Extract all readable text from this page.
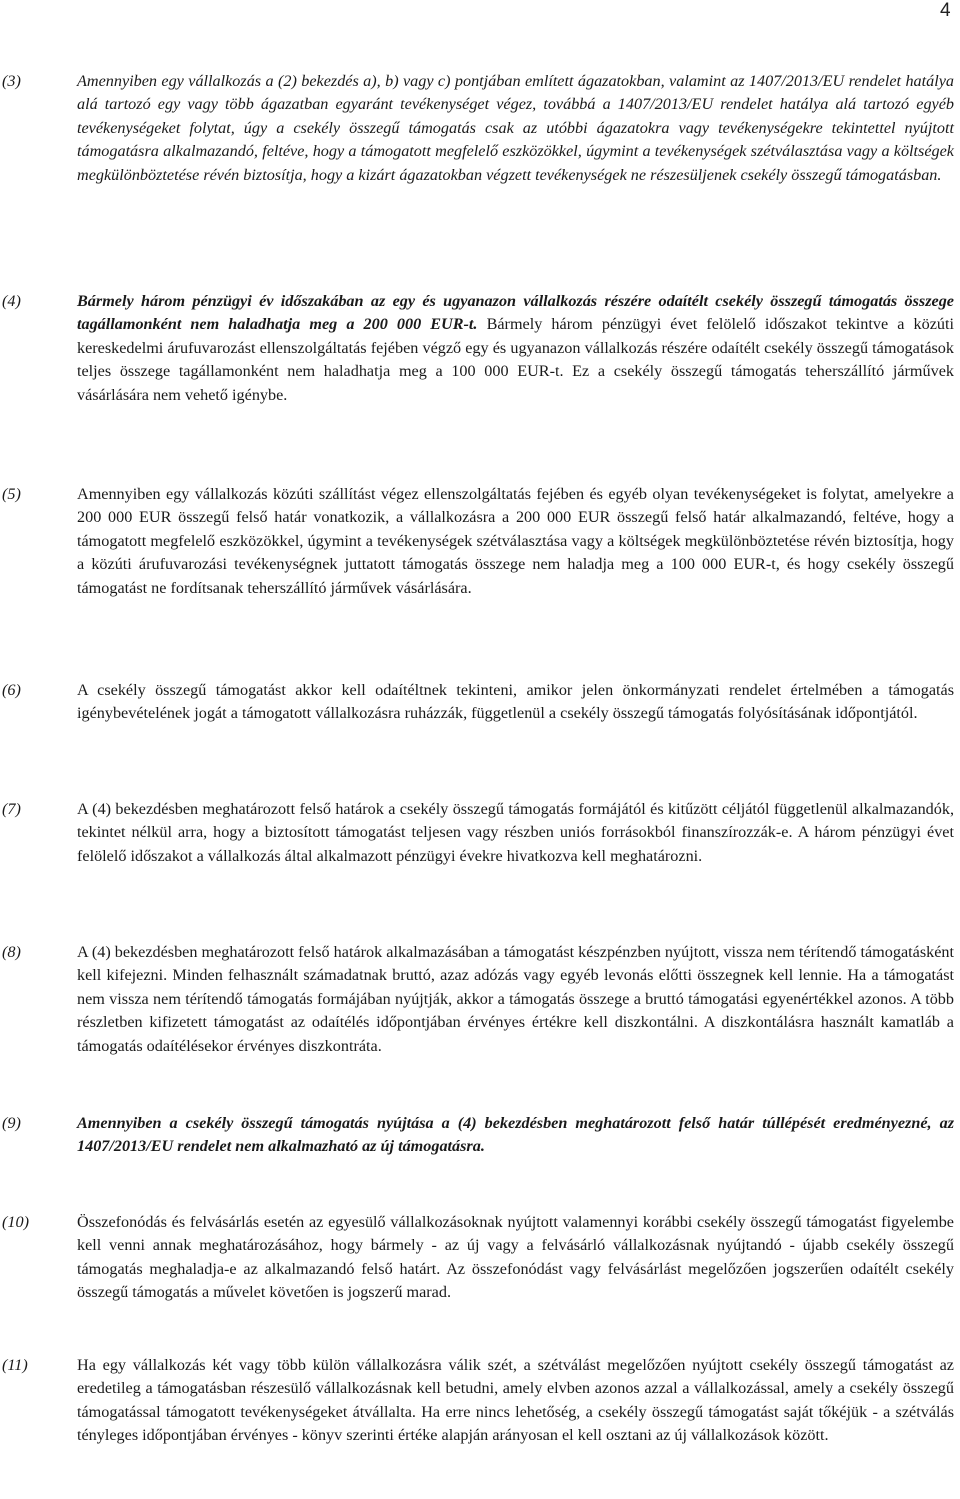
4
(3)	Amennyiben egy vállalkozás a (2) bekezdés a), b) vagy c) pontjában említett ágazatokban, valamint az 1407/2013/EU rendelet hatálya alá tartozó egy vagy több ágazatban egyaránt tevékenységet végez, továbbá a 1407/2013/EU rendelet hatálya alá tartozó egyéb tevékenységeket folytat, úgy a csekély összegű támogatás csak az utóbbi ágazatokra vagy tevékenységekre tekintettel nyújtott támogatásra alkalmazandó, feltéve, hogy a támogatott megfelelő eszközökkel, úgymint a tevékenységek szétválasztása vagy a költségek megkülönböztetése révén biztosítja, hogy a kizárt ágazatokban végzett tevékenységek ne részesüljenek csekély összegű támogatásban.
(4)	Bármely három pénzügyi év időszakában az egy és ugyanazon vállalkozás részére odaítélt csekély összegű támogatás összege tagállamonként nem haladhatja meg a 200 000 EUR-t. Bármely három pénzügyi évet felölelő időszakot tekintve a közúti kereskedelmi árufuvarozást ellenszolgáltatás fejében végző egy és ugyanazon vállalkozás részére odaítélt csekély összegű támogatások teljes összege tagállamonként nem haladhatja meg a 100 000 EUR-t. Ez a csekély összegű támogatás teherszállító járművek vásárlására nem vehető igénybe.
(5)	Amennyiben egy vállalkozás közúti szállítást végez ellenszolgáltatás fejében és egyéb olyan tevékenységeket is folytat, amelyekre a 200 000 EUR összegű felső határ vonatkozik, a vállalkozásra a 200 000 EUR összegű felső határ alkalmazandó, feltéve, hogy a támogatott megfelelő eszközökkel, úgymint a tevékenységek szétválasztása vagy a költségek megkülönböztetése révén biztosítja, hogy a közúti árufuvarozási tevékenységnek juttatott támogatás összege nem haladja meg a 100 000 EUR-t, és hogy csekély összegű támogatást ne fordítsanak teherszállító járművek vásárlására.
(6)	A csekély összegű támogatást akkor kell odaítéltnek tekinteni, amikor jelen önkormányzati rendelet értelmében a támogatás igénybevételének jogát a támogatott vállalkozásra ruházzák, függetlenül a csekély összegű támogatás folyósításának időpontjától.
(7)	A (4) bekezdésben meghatározott felső határok a csekély összegű támogatás formájától és kitűzött céljától függetlenül alkalmazandók, tekintet nélkül arra, hogy a biztosított támogatást teljesen vagy részben uniós forrásokból finanszírozzák-e. A három pénzügyi évet felölelő időszakot a vállalkozás által alkalmazott pénzügyi évekre hivatkozva kell meghatározni.
(8)	A (4) bekezdésben meghatározott felső határok alkalmazásában a támogatást készpénzben nyújtott, vissza nem térítendő támogatásként kell kifejezni. Minden felhasznált számadatnak bruttó, azaz adózás vagy egyéb levonás előtti összegnek kell lennie. Ha a támogatást nem vissza nem térítendő támogatás formájában nyújtják, akkor a támogatás összege a bruttó támogatási egyenértékkel azonos. A több részletben kifizetett támogatást az odaítélés időpontjában érvényes értékre kell diszkontálni. A diszkontálásra használt kamatláb a támogatás odaítélésekor érvényes diszkontráta.
(9)	Amennyiben a csekély összegű támogatás nyújtása a (4) bekezdésben meghatározott felső határ túllépését eredményezné, az 1407/2013/EU rendelet nem alkalmazható az új támogatásra.
(10)	Összefonódás és felvásárlás esetén az egyesülő vállalkozásoknak nyújtott valamennyi korábbi csekély összegű támogatást figyelembe kell venni annak meghatározásához, hogy bármely - az új vagy a felvásárló vállalkozásnak nyújtandó - újabb csekély összegű támogatás meghaladja-e az alkalmazandó felső határt. Az összefonódást vagy felvásárlást megelőzően jogszerűen odaítélt csekély összegű támogatás a művelet követően is jogszerű marad.
(11)	Ha egy vállalkozás két vagy több külön vállalkozásra válik szét, a szétválást megelőzően nyújtott csekély összegű támogatást az eredetileg a támogatásban részesülő vállalkozásnak kell betudni, amely elvben azonos azzal a vállalkozással, amely a csekély összegű támogatással támogatott tevékenységeket átvállalta. Ha erre nincs lehetőség, a csekély összegű támogatást saját tőkéjük - a szétválás tényleges időpontjában érvényes - könyv szerinti értéke alapján arányosan el kell osztani az új vállalkozások között.
